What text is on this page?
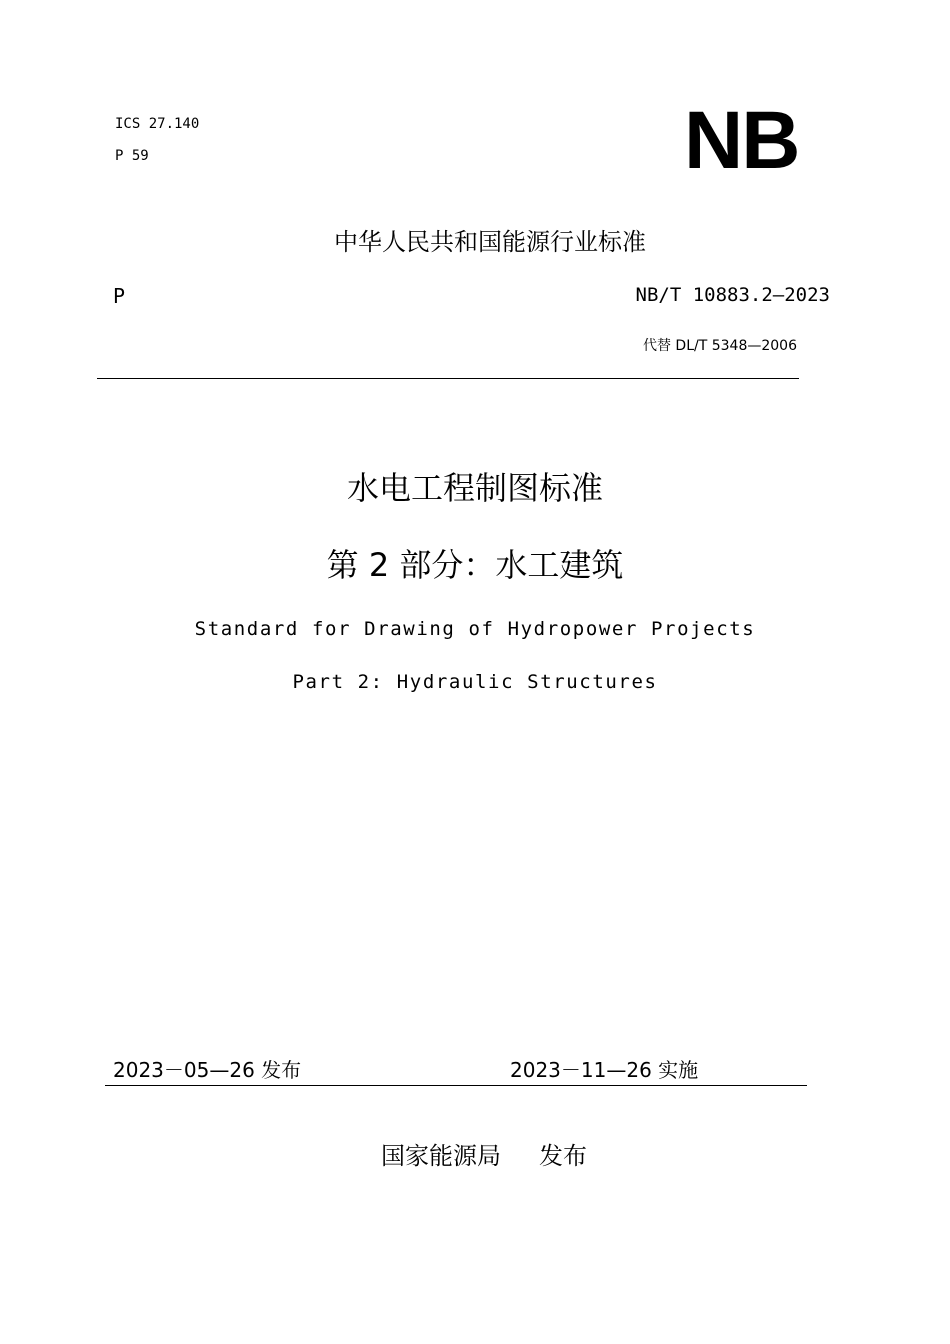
ICS 27.140
P 59	NB
中华人民共和国能源行业标准
P	NB/T 10883.2—2023
代替 DL/T 5348—2006
水电工程制图标准
第 2 部分：水工建筑
Standard for Drawing of Hydropower Projects
Part 2: Hydraulic Structures
2023－05—26 发布	2023－11—26 实施
国家能源局 发布
